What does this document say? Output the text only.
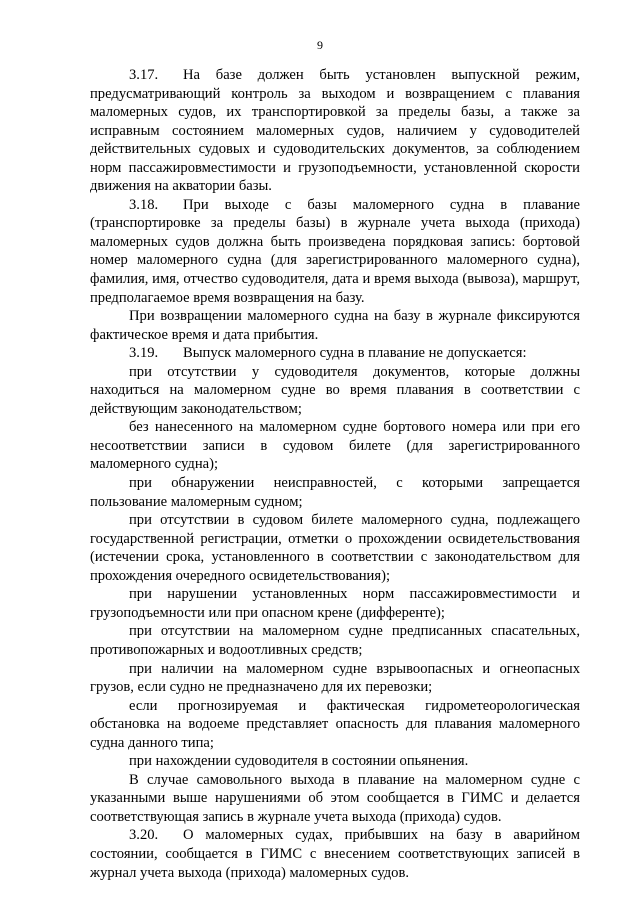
9

3.17. На базе должен быть установлен выпускной режим, предусматривающий контроль за выходом и возвращением с плавания маломерных судов, их транспортировкой за пределы базы, а также за исправным состоянием маломерных судов, наличием у судоводителей действительных судовых и судоводительских документов, за соблюдением норм пассажировместимости и грузоподъемности, установленной скорости движения на акватории базы.

3.18. При выходе с базы маломерного судна в плавание (транспортировке за пределы базы) в журнале учета выхода (прихода) маломерных судов должна быть произведена порядковая запись: бортовой номер маломерного судна (для зарегистрированного маломерного судна), фамилия, имя, отчество судоводителя, дата и время выхода (вывоза), маршрут, предполагаемое время возвращения на базу.

При возвращении маломерного судна на базу в журнале фиксируются фактическое время и дата прибытия.

3.19. Выпуск маломерного судна в плавание не допускается:

при отсутствии у судоводителя документов, которые должны находиться на маломерном судне во время плавания в соответствии с действующим законодательством;

без нанесенного на маломерном судне бортового номера или при его несоответствии записи в судовом билете (для зарегистрированного маломерного судна);

при обнаружении неисправностей, с которыми запрещается пользование маломерным судном;

при отсутствии в судовом билете маломерного судна, подлежащего государственной регистрации, отметки о прохождении освидетельствования (истечении срока, установленного в соответствии с законодательством для прохождения очередного освидетельствования);

при нарушении установленных норм пассажировместимости и грузоподъемности или при опасном крене (дифференте);

при отсутствии на маломерном судне предписанных спасательных, противопожарных и водоотливных средств;

при наличии на маломерном судне взрывоопасных и огнеопасных грузов, если судно не предназначено для их перевозки;

если прогнозируемая и фактическая гидрометеорологическая обстановка на водоеме представляет опасность для плавания маломерного судна данного типа;

при нахождении судоводителя в состоянии опьянения.

В случае самовольного выхода в плавание на маломерном судне с указанными выше нарушениями об этом сообщается в ГИМС и делается соответствующая запись в журнале учета выхода (прихода) судов.

3.20. О маломерных судах, прибывших на базу в аварийном состоянии, сообщается в ГИМС с внесением соответствующих записей в журнал учета выхода (прихода) маломерных судов.
